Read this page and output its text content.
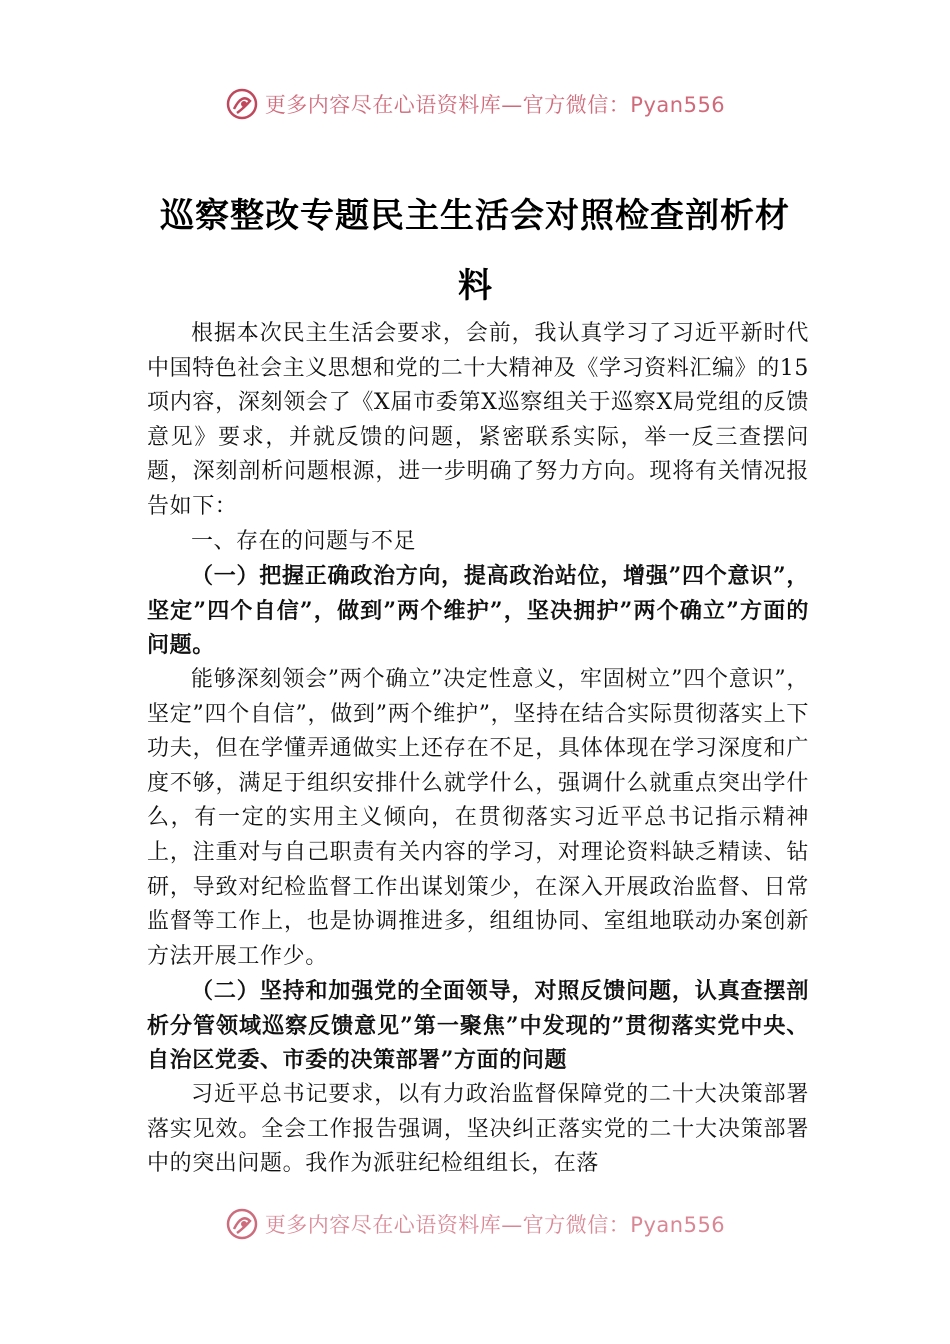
更多内容尽在心语资料库—官方微信：Pyan556
巡察整改专题民主生活会对照检查剖析材
料

根据本次民主生活会要求，会前，我认真学习了习近平新时代中国特色社会主义思想和党的二十大精神及《学习资料汇编》的15项内容，深刻领会了《X届市委第X巡察组关于巡察X局党组的反馈意见》要求，并就反馈的问题，紧密联系实际，举一反三查摆问题，深刻剖析问题根源，进一步明确了努力方向。现将有关情况报告如下：

一、存在的问题与不足

（一）把握正确政治方向，提高政治站位，增强”四个意识”，坚定”四个自信”，做到”两个维护”，坚决拥护”两个确立”方面的问题。

能够深刻领会”两个确立”决定性意义，牢固树立”四个意识”，坚定”四个自信”，做到”两个维护”，坚持在结合实际贯彻落实上下功夫，但在学懂弄通做实上还存在不足，具体体现在学习深度和广度不够，满足于组织安排什么就学什么，强调什么就重点突出学什么，有一定的实用主义倾向，在贯彻落实习近平总书记指示精神上，注重对与自己职责有关内容的学习，对理论资料缺乏精读、钻研，导致对纪检监督工作出谋划策少，在深入开展政治监督、日常监督等工作上，也是协调推进多，组组协同、室组地联动办案创新方法开展工作少。

（二）坚持和加强党的全面领导，对照反馈问题，认真查摆剖析分管领域巡察反馈意见”第一聚焦”中发现的”贯彻落实党中央、自治区党委、市委的决策部署”方面的问题

习近平总书记要求，以有力政治监督保障党的二十大决策部署落实见效。全会工作报告强调，坚决纠正落实党的二十大决策部署中的突出问题。我作为派驻纪检组组长，在落

更多内容尽在心语资料库—官方微信：Pyan556
